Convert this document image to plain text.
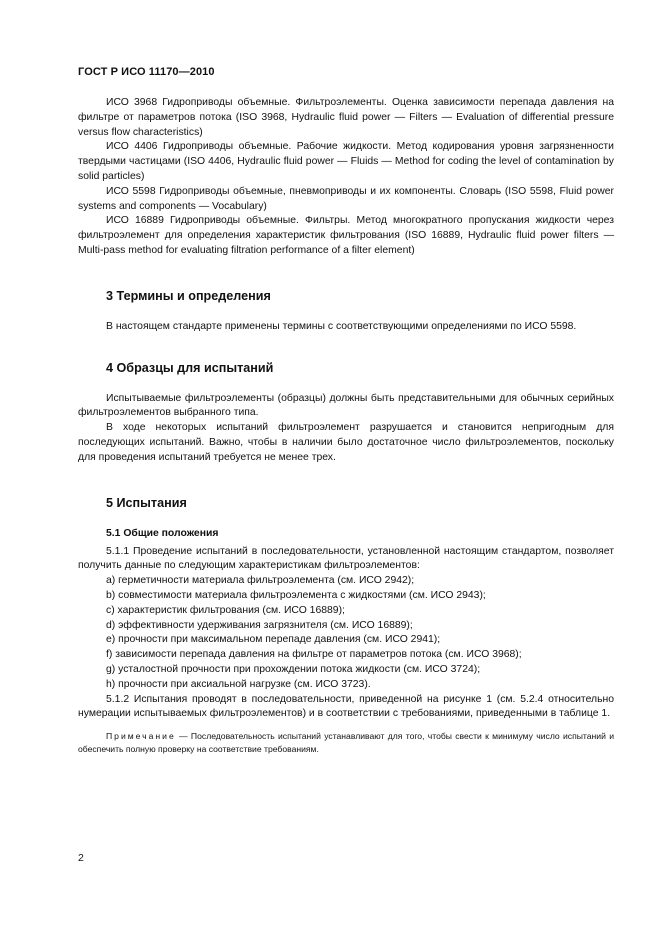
ГОСТ Р ИСО 11170—2010

ИСО 3968 Гидроприводы объемные. Фильтроэлементы. Оценка зависимости перепада давления на фильтре от параметров потока (ISO 3968, Hydraulic fluid power — Filters — Evaluation of differential pressure versus flow characteristics)

ИСО 4406 Гидроприводы объемные. Рабочие жидкости. Метод кодирования уровня загрязненности твердыми частицами (ISO 4406, Hydraulic fluid power — Fluids — Method for coding the level of contamination by solid particles)

ИСО 5598 Гидроприводы объемные, пневмоприводы и их компоненты. Словарь (ISO 5598, Fluid power systems and components — Vocabulary)

ИСО 16889 Гидроприводы объемные. Фильтры. Метод многократного пропускания жидкости через фильтроэлемент для определения характеристик фильтрования (ISO 16889, Hydraulic fluid power filters — Multi-pass method for evaluating filtration performance of a filter element)

3 Термины и определения

В настоящем стандарте применены термины с соответствующими определениями по ИСО 5598.

4 Образцы для испытаний

Испытываемые фильтроэлементы (образцы) должны быть представительными для обычных серийных фильтроэлементов выбранного типа.

В ходе некоторых испытаний фильтроэлемент разрушается и становится непригодным для последующих испытаний. Важно, чтобы в наличии было достаточное число фильтроэлементов, поскольку для проведения испытаний требуется не менее трех.

5 Испытания
5.1 Общие положения

5.1.1 Проведение испытаний в последовательности, установленной настоящим стандартом, позволяет получить данные по следующим характеристикам фильтроэлементов:

a) герметичности материала фильтроэлемента (см. ИСО 2942);

b) совместимости материала фильтроэлемента с жидкостями (см. ИСО 2943);

c) характеристик фильтрования (см. ИСО 16889);

d) эффективности удерживания загрязнителя (см. ИСО 16889);

e) прочности при максимальном перепаде давления (см. ИСО 2941);

f) зависимости перепада давления на фильтре от параметров потока (см. ИСО 3968);

g) усталостной прочности при прохождении потока жидкости (см. ИСО 3724);

h) прочности при аксиальной нагрузке (см. ИСО 3723).

5.1.2 Испытания проводят в последовательности, приведенной на рисунке 1 (см. 5.2.4 относительно нумерации испытываемых фильтроэлементов) и в соответствии с требованиями, приведенными в таблице 1.

Примечание — Последовательность испытаний устанавливают для того, чтобы свести к минимуму число испытаний и обеспечить полную проверку на соответствие требованиям.
2
